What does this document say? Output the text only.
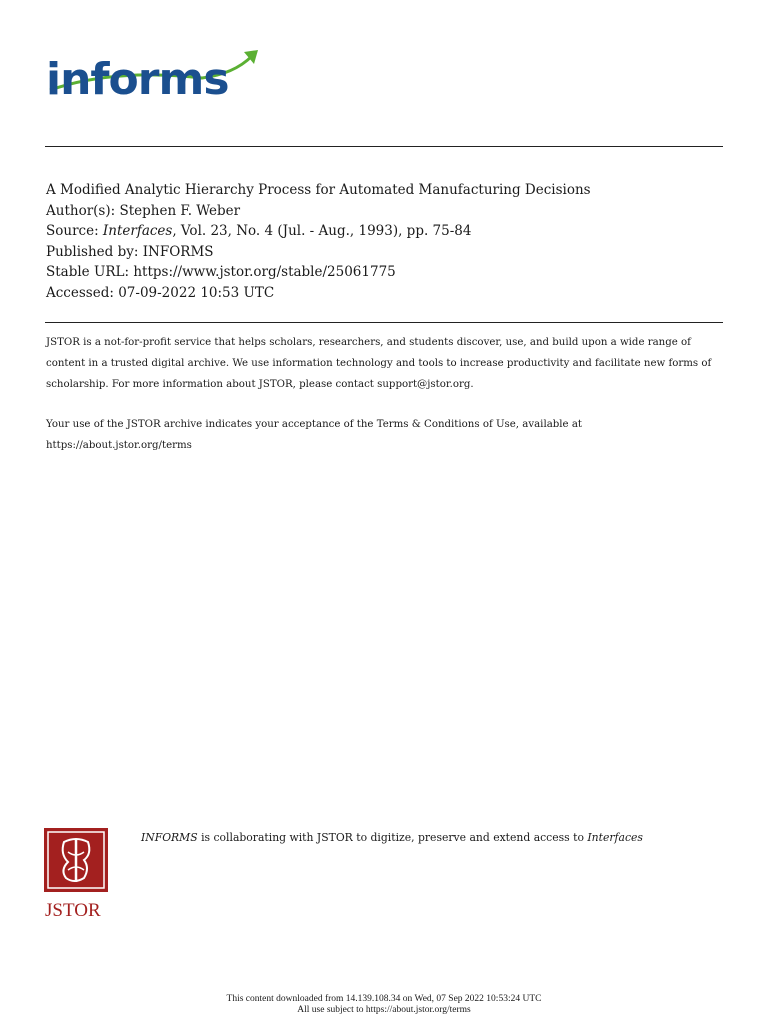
informs
A Modified Analytic Hierarchy Process for Automated Manufacturing Decisions
Author(s): Stephen F. Weber
Source: Interfaces, Vol. 23, No. 4 (Jul. - Aug., 1993), pp. 75-84
Published by: INFORMS
Stable URL: https://www.jstor.org/stable/25061775
Accessed: 07-09-2022 10:53 UTC

JSTOR is a not-for-profit service that helps scholars, researchers, and students discover, use, and build upon a wide range of content in a trusted digital archive. We use information technology and tools to increase productivity and facilitate new forms of scholarship. For more information about JSTOR, please contact support@jstor.org.

Your use of the JSTOR archive indicates your acceptance of the Terms & Conditions of Use, available at https://about.jstor.org/terms

JSTOR
INFORMS is collaborating with JSTOR to digitize, preserve and extend access to Interfaces
This content downloaded from 14.139.108.34 on Wed, 07 Sep 2022 10:53:24 UTC
All use subject to https://about.jstor.org/terms
